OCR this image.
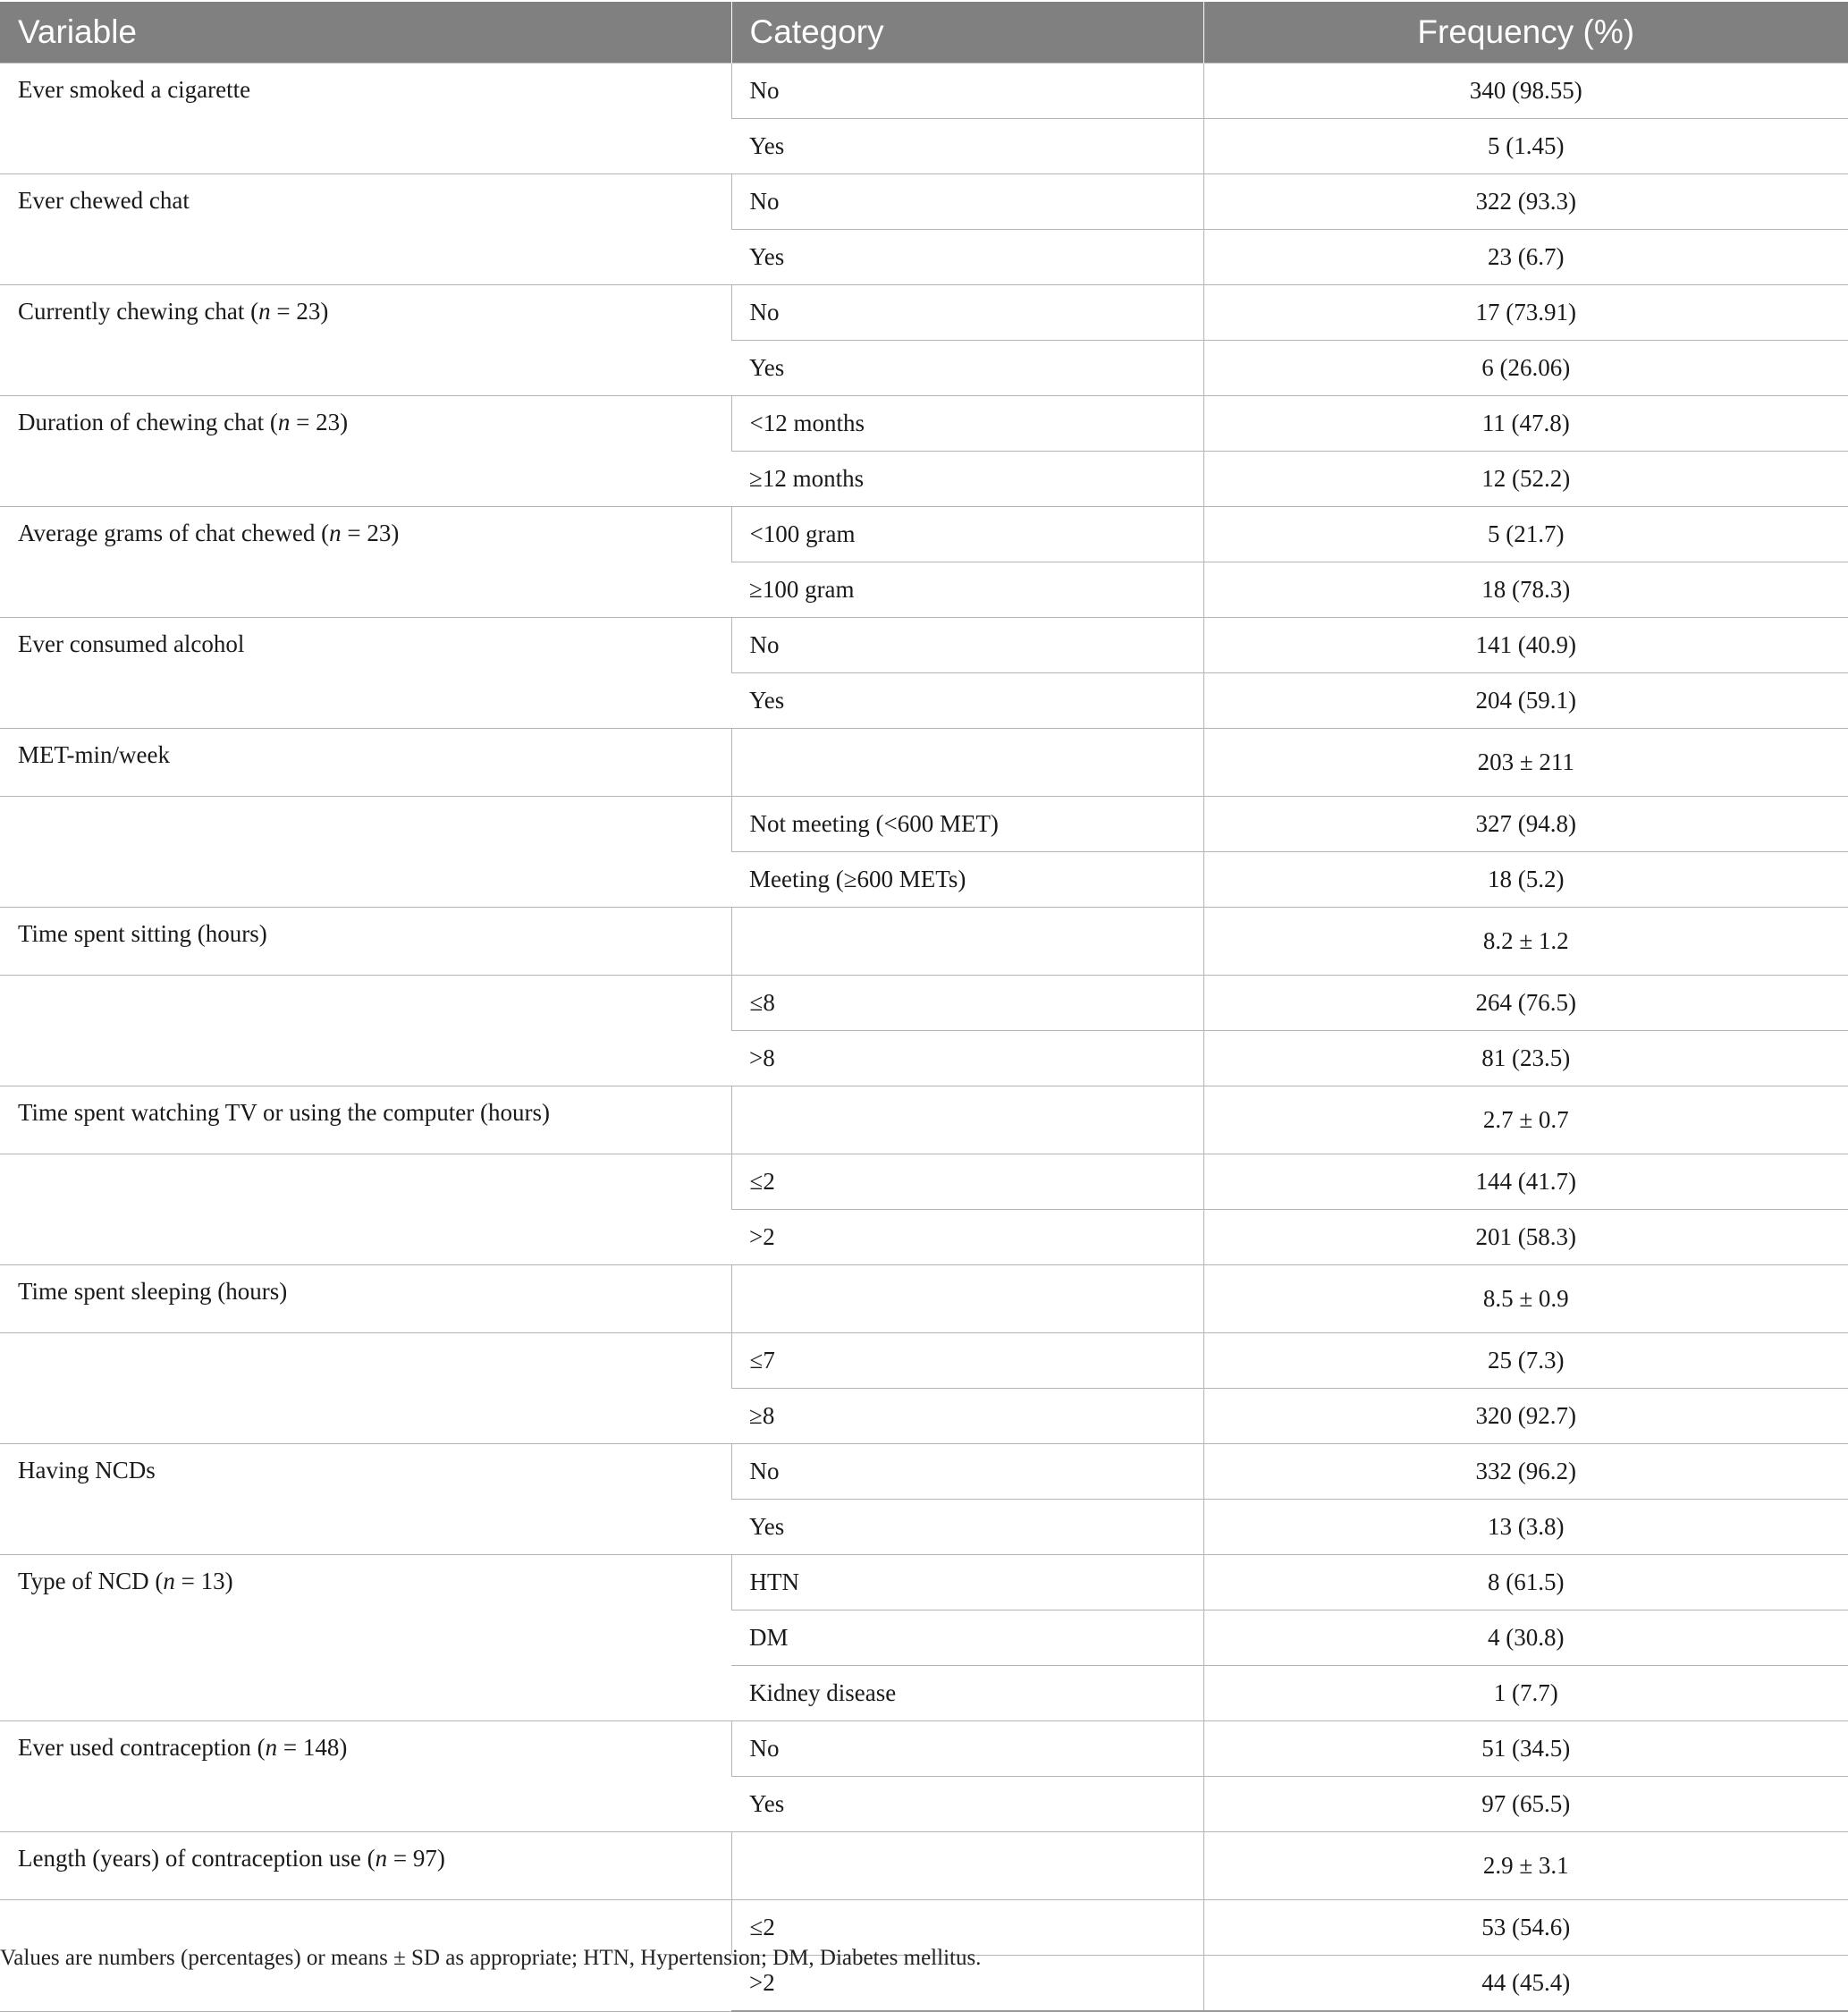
Variable	Category	Frequency (%)
Ever smoked a cigarette	No	340 (98.55)
	Yes	5 (1.45)
Ever chewed chat	No	322 (93.3)
	Yes	23 (6.7)
Currently chewing chat (n = 23)	No	17 (73.91)
	Yes	6 (26.06)
Duration of chewing chat (n = 23)	<12 months	11 (47.8)
	≥12 months	12 (52.2)
Average grams of chat chewed (n = 23)	<100 gram	5 (21.7)
	≥100 gram	18 (78.3)
Ever consumed alcohol	No	141 (40.9)
	Yes	204 (59.1)
MET-min/week		203 ± 211
	Not meeting (<600 MET)	327 (94.8)
	Meeting (≥600 METs)	18 (5.2)
Time spent sitting (hours)		8.2 ± 1.2
	≤8	264 (76.5)
	>8	81 (23.5)
Time spent watching TV or using the computer (hours)		2.7 ± 0.7
	≤2	144 (41.7)
	>2	201 (58.3)
Time spent sleeping (hours)		8.5 ± 0.9
	≤7	25 (7.3)
	≥8	320 (92.7)
Having NCDs	No	332 (96.2)
	Yes	13 (3.8)
Type of NCD (n = 13)	HTN	8 (61.5)
	DM	4 (30.8)
	Kidney disease	1 (7.7)
Ever used contraception (n = 148)	No	51 (34.5)
	Yes	97 (65.5)
Length (years) of contraception use (n = 97)		2.9 ± 3.1
	≤2	53 (54.6)
	>2	44 (45.4)
Values are numbers (percentages) or means ± SD as appropriate; HTN, Hypertension; DM, Diabetes mellitus.
